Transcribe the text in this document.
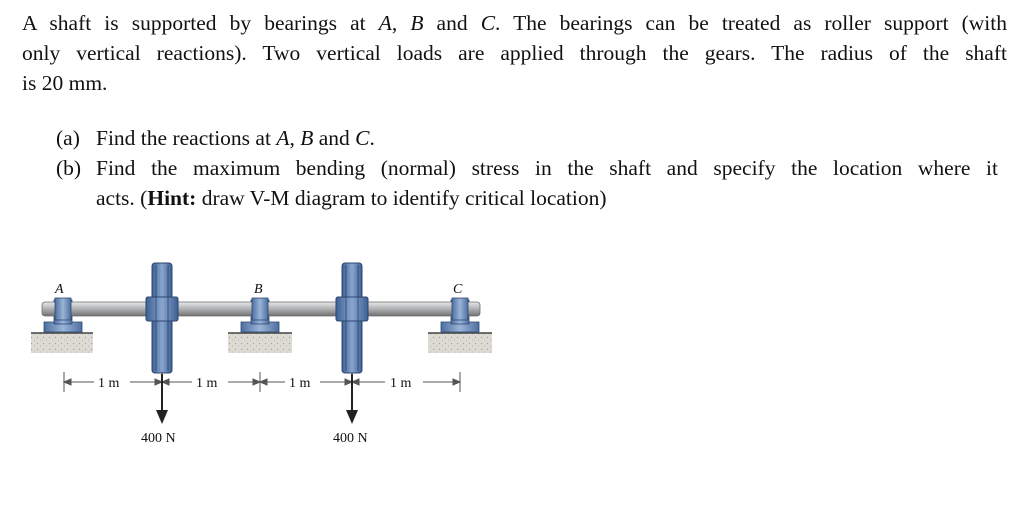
A shaft is supported by bearings at A, B and C. The bearings can be treated as roller support (with
only vertical reactions). Two vertical loads are applied through the gears. The radius of the shaft
is 20 mm.
(a) Find the reactions at A, B and C.
(b) Find the maximum bending (normal) stress in the shaft and specify the location where it
acts. (Hint: draw V-M diagram to identify critical location)
A	B	C
1 m	1 m	1 m	1 m
400 N	400 N
